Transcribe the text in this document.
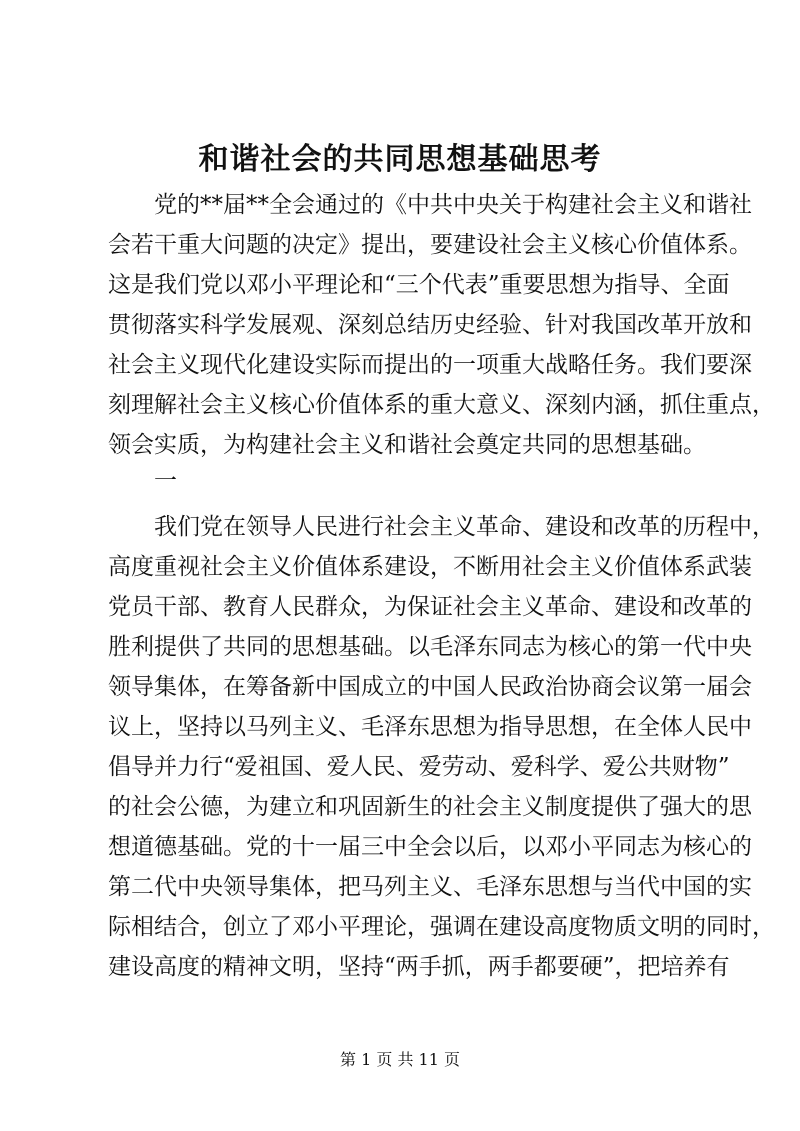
和谐社会的共同思想基础思考
党的**届**全会通过的《中共中央关于构建社会主义和谐社
会若干重大问题的决定》提出，要建设社会主义核心价值体系。
这是我们党以邓小平理论和“三个代表”重要思想为指导、全面
贯彻落实科学发展观、深刻总结历史经验、针对我国改革开放和
社会主义现代化建设实际而提出的一项重大战略任务。我们要深
刻理解社会主义核心价值体系的重大意义、深刻内涵，抓住重点，
领会实质，为构建社会主义和谐社会奠定共同的思想基础。
一
我们党在领导人民进行社会主义革命、建设和改革的历程中，
高度重视社会主义价值体系建设，不断用社会主义价值体系武装
党员干部、教育人民群众，为保证社会主义革命、建设和改革的
胜利提供了共同的思想基础。以毛泽东同志为核心的第一代中央
领导集体，在筹备新中国成立的中国人民政治协商会议第一届会
议上，坚持以马列主义、毛泽东思想为指导思想，在全体人民中
倡导并力行“爱祖国、爱人民、爱劳动、爱科学、爱公共财物”
的社会公德，为建立和巩固新生的社会主义制度提供了强大的思
想道德基础。党的十一届三中全会以后，以邓小平同志为核心的
第二代中央领导集体，把马列主义、毛泽东思想与当代中国的实
际相结合，创立了邓小平理论，强调在建设高度物质文明的同时，
建设高度的精神文明，坚持“两手抓，两手都要硬”，把培养有
第 1 页 共 11 页
